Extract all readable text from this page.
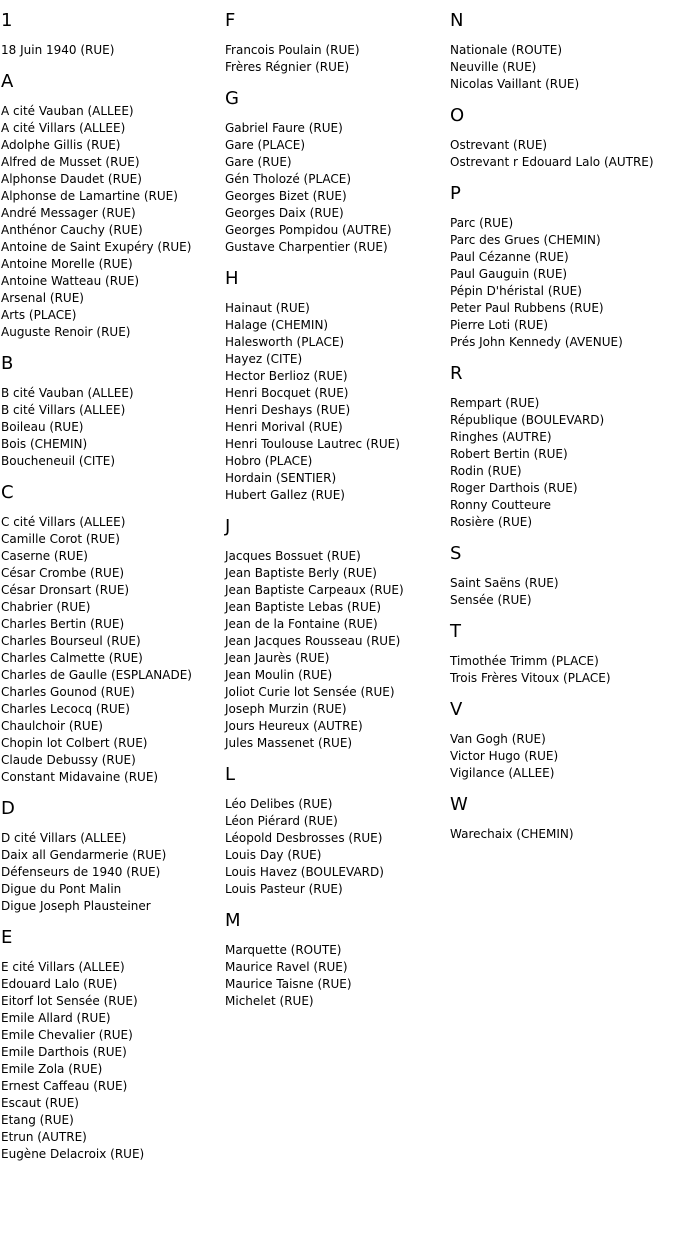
1
18 Juin 1940 (RUE)
A
A cité Vauban (ALLEE)
A cité Villars (ALLEE)
Adolphe Gillis (RUE)
Alfred de Musset (RUE)
Alphonse Daudet (RUE)
Alphonse de Lamartine (RUE)
André Messager (RUE)
Anthénor Cauchy (RUE)
Antoine de Saint Exupéry (RUE)
Antoine Morelle (RUE)
Antoine Watteau (RUE)
Arsenal (RUE)
Arts (PLACE)
Auguste Renoir (RUE)
B
B cité Vauban (ALLEE)
B cité Villars (ALLEE)
Boileau (RUE)
Bois (CHEMIN)
Boucheneuil (CITE)
C
C cité Villars (ALLEE)
Camille Corot (RUE)
Caserne (RUE)
César Crombe (RUE)
César Dronsart (RUE)
Chabrier (RUE)
Charles Bertin (RUE)
Charles Bourseul (RUE)
Charles Calmette (RUE)
Charles de Gaulle (ESPLANADE)
Charles Gounod (RUE)
Charles Lecocq (RUE)
Chaulchoir (RUE)
Chopin lot Colbert (RUE)
Claude Debussy (RUE)
Constant Midavaine (RUE)
D
D cité Villars (ALLEE)
Daix all Gendarmerie (RUE)
Défenseurs de 1940 (RUE)
Digue du Pont Malin
Digue Joseph Plausteiner
E
E cité Villars (ALLEE)
Edouard Lalo (RUE)
Eitorf lot Sensée (RUE)
Emile Allard (RUE)
Emile Chevalier (RUE)
Emile Darthois (RUE)
Emile Zola (RUE)
Ernest Caffeau (RUE)
Escaut (RUE)
Etang (RUE)
Etrun (AUTRE)
Eugène Delacroix (RUE)
F
Francois Poulain (RUE)
Frères Régnier (RUE)
G
Gabriel Faure (RUE)
Gare (PLACE)
Gare (RUE)
Gén Tholozé (PLACE)
Georges Bizet (RUE)
Georges Daix (RUE)
Georges Pompidou (AUTRE)
Gustave Charpentier (RUE)
H
Hainaut (RUE)
Halage (CHEMIN)
Halesworth (PLACE)
Hayez (CITE)
Hector Berlioz (RUE)
Henri Bocquet (RUE)
Henri Deshays (RUE)
Henri Morival (RUE)
Henri Toulouse Lautrec (RUE)
Hobro (PLACE)
Hordain (SENTIER)
Hubert Gallez (RUE)
J
Jacques Bossuet (RUE)
Jean Baptiste Berly (RUE)
Jean Baptiste Carpeaux (RUE)
Jean Baptiste Lebas (RUE)
Jean de la Fontaine (RUE)
Jean Jacques Rousseau (RUE)
Jean Jaurès (RUE)
Jean Moulin (RUE)
Joliot Curie lot Sensée (RUE)
Joseph Murzin (RUE)
Jours Heureux (AUTRE)
Jules Massenet (RUE)
L
Léo Delibes (RUE)
Léon Piérard (RUE)
Léopold Desbrosses (RUE)
Louis Day (RUE)
Louis Havez (BOULEVARD)
Louis Pasteur (RUE)
M
Marquette (ROUTE)
Maurice Ravel (RUE)
Maurice Taisne (RUE)
Michelet (RUE)
N
Nationale (ROUTE)
Neuville (RUE)
Nicolas Vaillant (RUE)
O
Ostrevant (RUE)
Ostrevant r Edouard Lalo (AUTRE)
P
Parc (RUE)
Parc des Grues (CHEMIN)
Paul Cézanne (RUE)
Paul Gauguin (RUE)
Pépin D'héristal (RUE)
Peter Paul Rubbens (RUE)
Pierre Loti (RUE)
Prés John Kennedy (AVENUE)
R
Rempart (RUE)
République (BOULEVARD)
Ringhes (AUTRE)
Robert Bertin (RUE)
Rodin (RUE)
Roger Darthois (RUE)
Ronny Coutteure
Rosière (RUE)
S
Saint Saëns (RUE)
Sensée (RUE)
T
Timothée Trimm (PLACE)
Trois Frères Vitoux (PLACE)
V
Van Gogh (RUE)
Victor Hugo (RUE)
Vigilance (ALLEE)
W
Warechaix (CHEMIN)
